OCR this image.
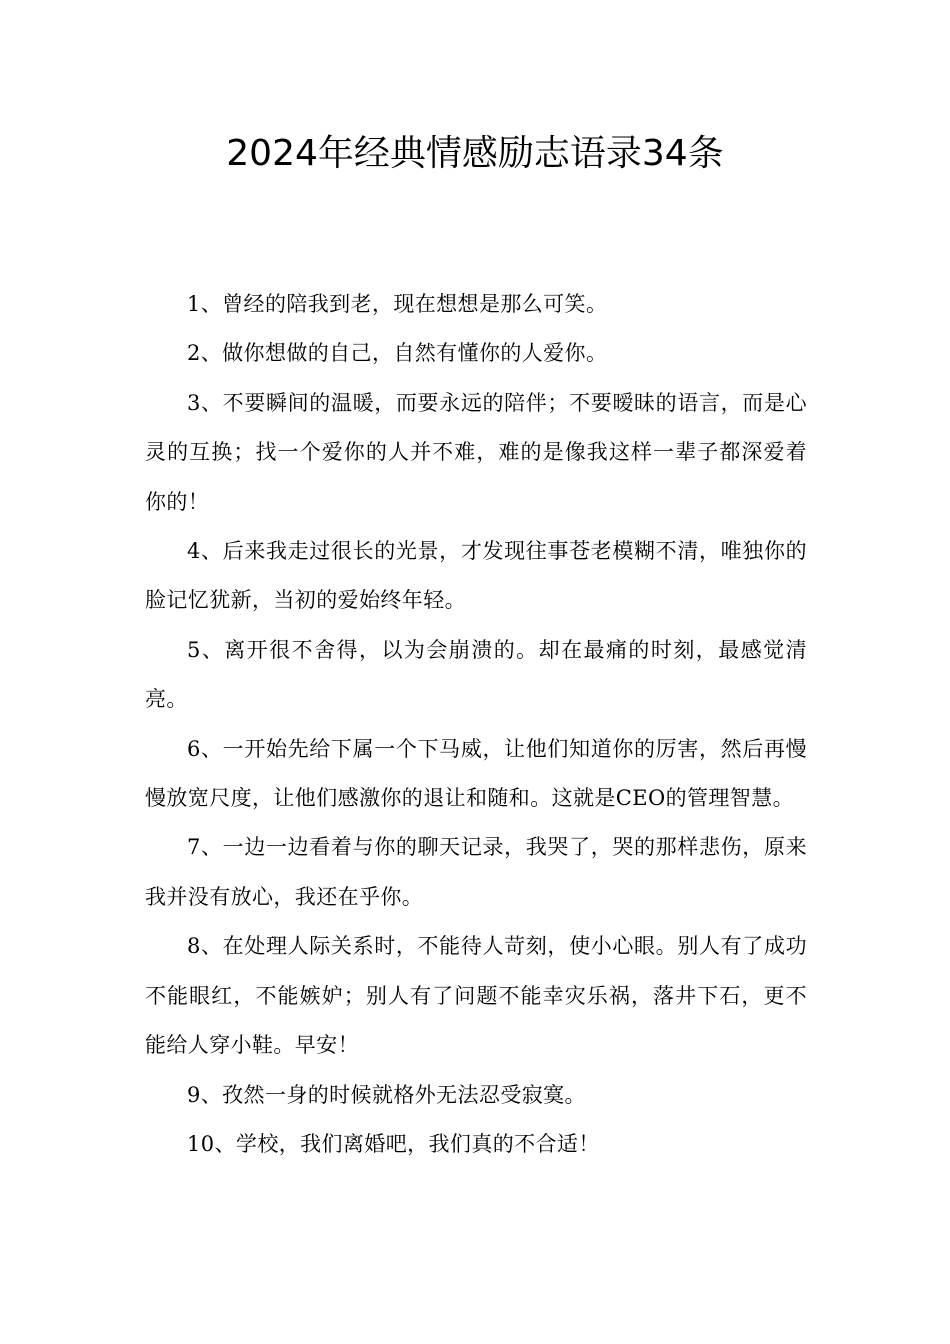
2024年经典情感励志语录34条

1、曾经的陪我到老，现在想想是那么可笑。

2、做你想做的自己，自然有懂你的人爱你。

3、不要瞬间的温暖，而要永远的陪伴；不要暧昧的语言，而是心灵的互换；找一个爱你的人并不难，难的是像我这样一辈子都深爱着你的！

4、后来我走过很长的光景，才发现往事苍老模糊不清，唯独你的脸记忆犹新，当初的爱始终年轻。

5、离开很不舍得，以为会崩溃的。却在最痛的时刻，最感觉清亮。

6、一开始先给下属一个下马威，让他们知道你的厉害，然后再慢慢放宽尺度，让他们感激你的退让和随和。这就是CEO的管理智慧。

7、一边一边看着与你的聊天记录，我哭了，哭的那样悲伤，原来我并没有放心，我还在乎你。

8、在处理人际关系时，不能待人苛刻，使小心眼。别人有了成功不能眼红，不能嫉妒；别人有了问题不能幸灾乐祸，落井下石，更不能给人穿小鞋。早安！

9、孜然一身的时候就格外无法忍受寂寞。

10、学校，我们离婚吧，我们真的不合适！
